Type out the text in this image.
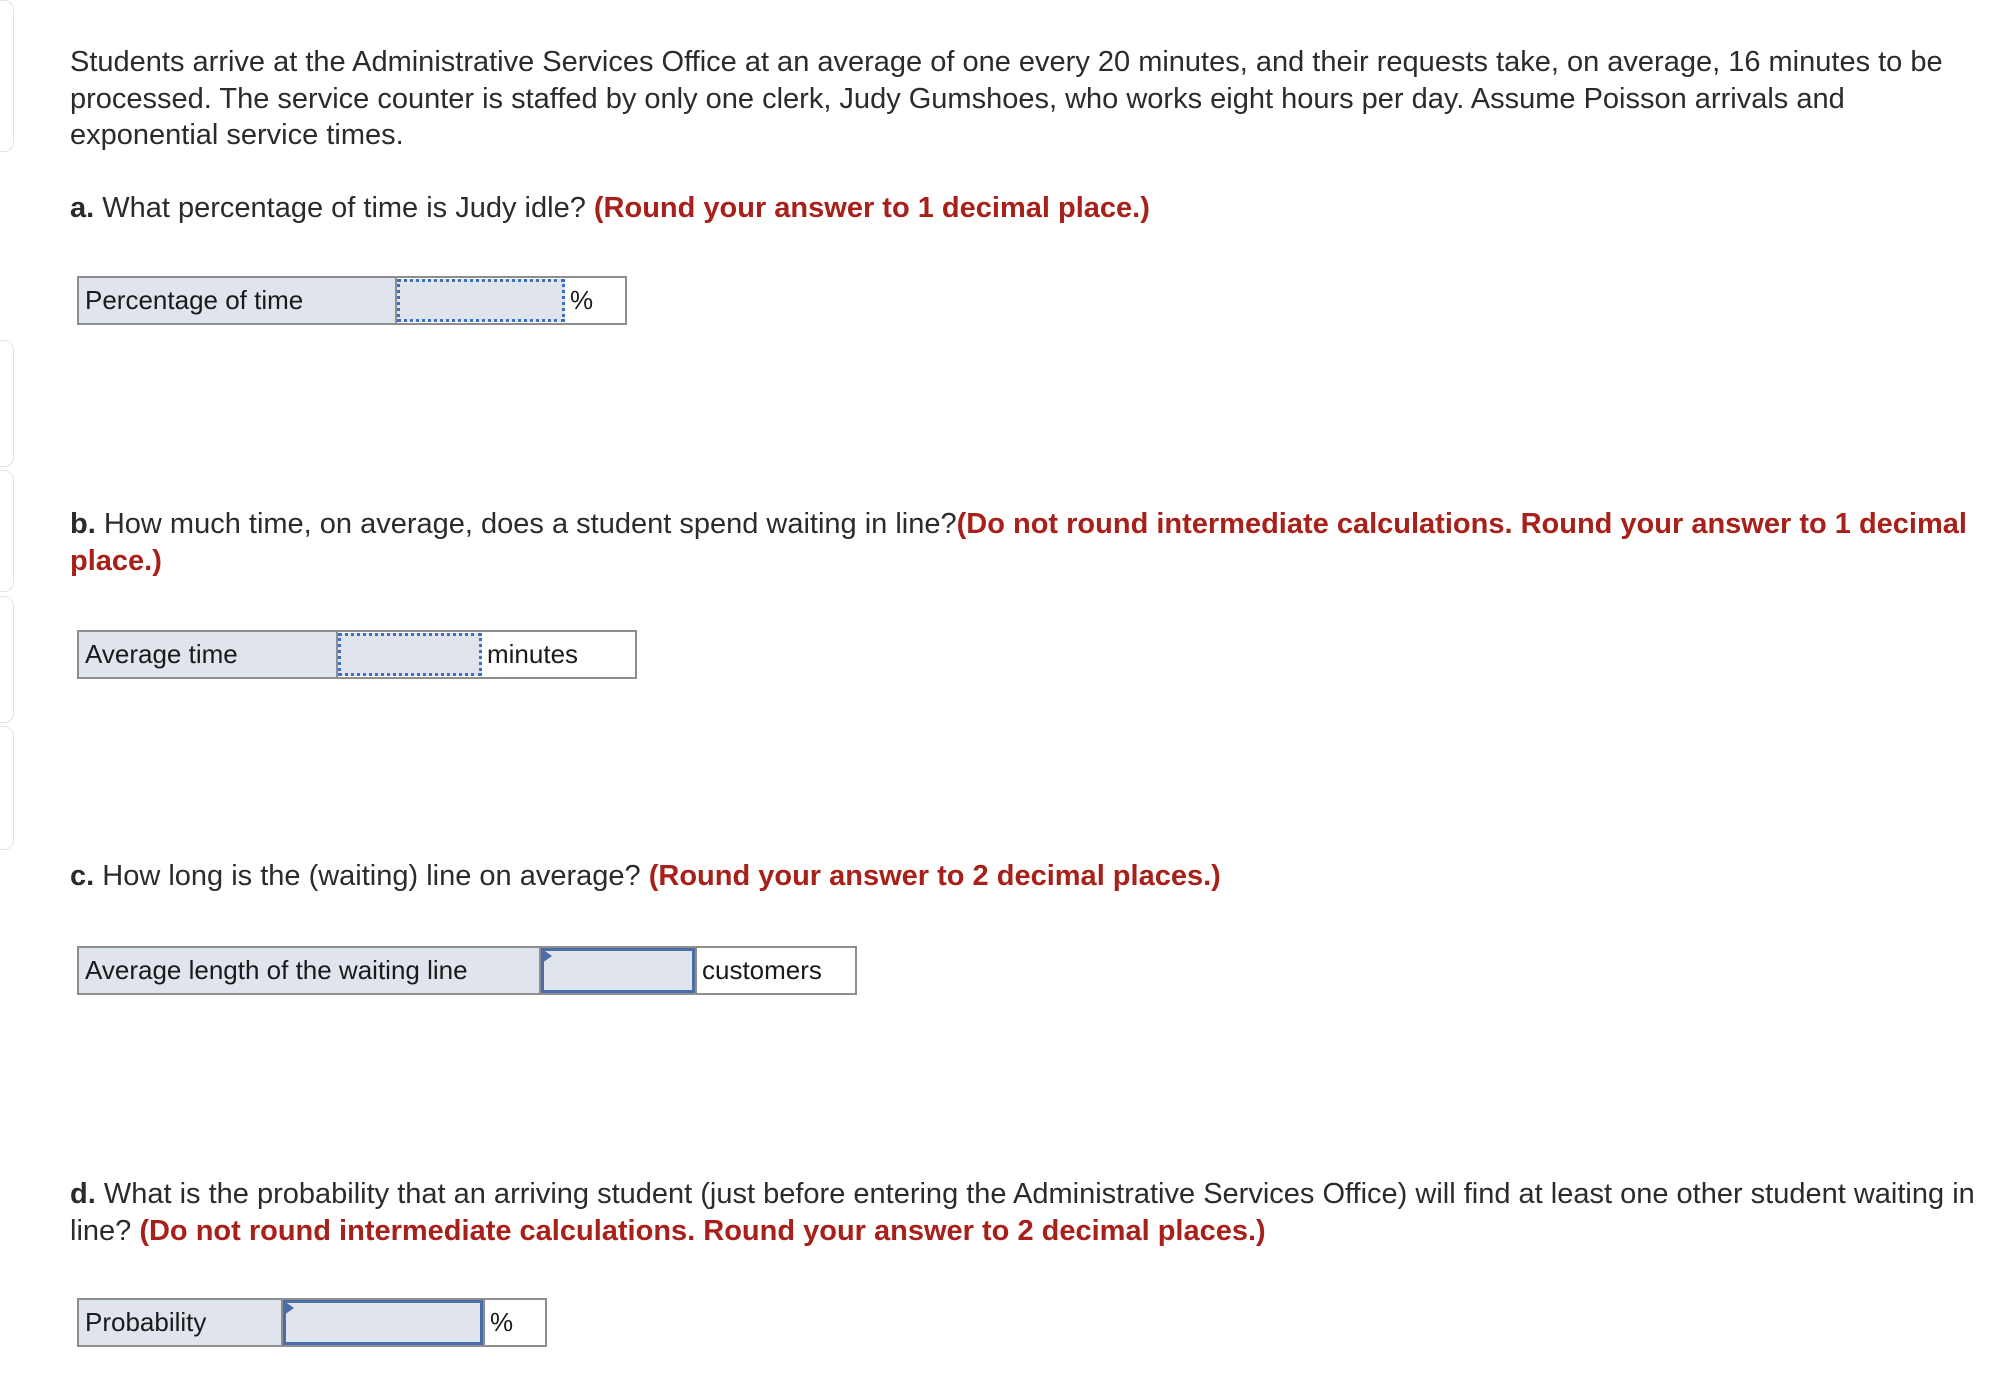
Students arrive at the Administrative Services Office at an average of one every 20 minutes, and their requests take, on average, 16 minutes to be processed. The service counter is staffed by only one clerk, Judy Gumshoes, who works eight hours per day. Assume Poisson arrivals and exponential service times.
a. What percentage of time is Judy idle? (Round your answer to 1 decimal place.)
Percentage of time	%
b. How much time, on average, does a student spend waiting in line?(Do not round intermediate calculations. Round your answer to 1 decimal place.)
Average time	minutes
c. How long is the (waiting) line on average? (Round your answer to 2 decimal places.)
Average length of the waiting line	customers
d. What is the probability that an arriving student (just before entering the Administrative Services Office) will find at least one other student waiting in line? (Do not round intermediate calculations. Round your answer to 2 decimal places.)
Probability	%
